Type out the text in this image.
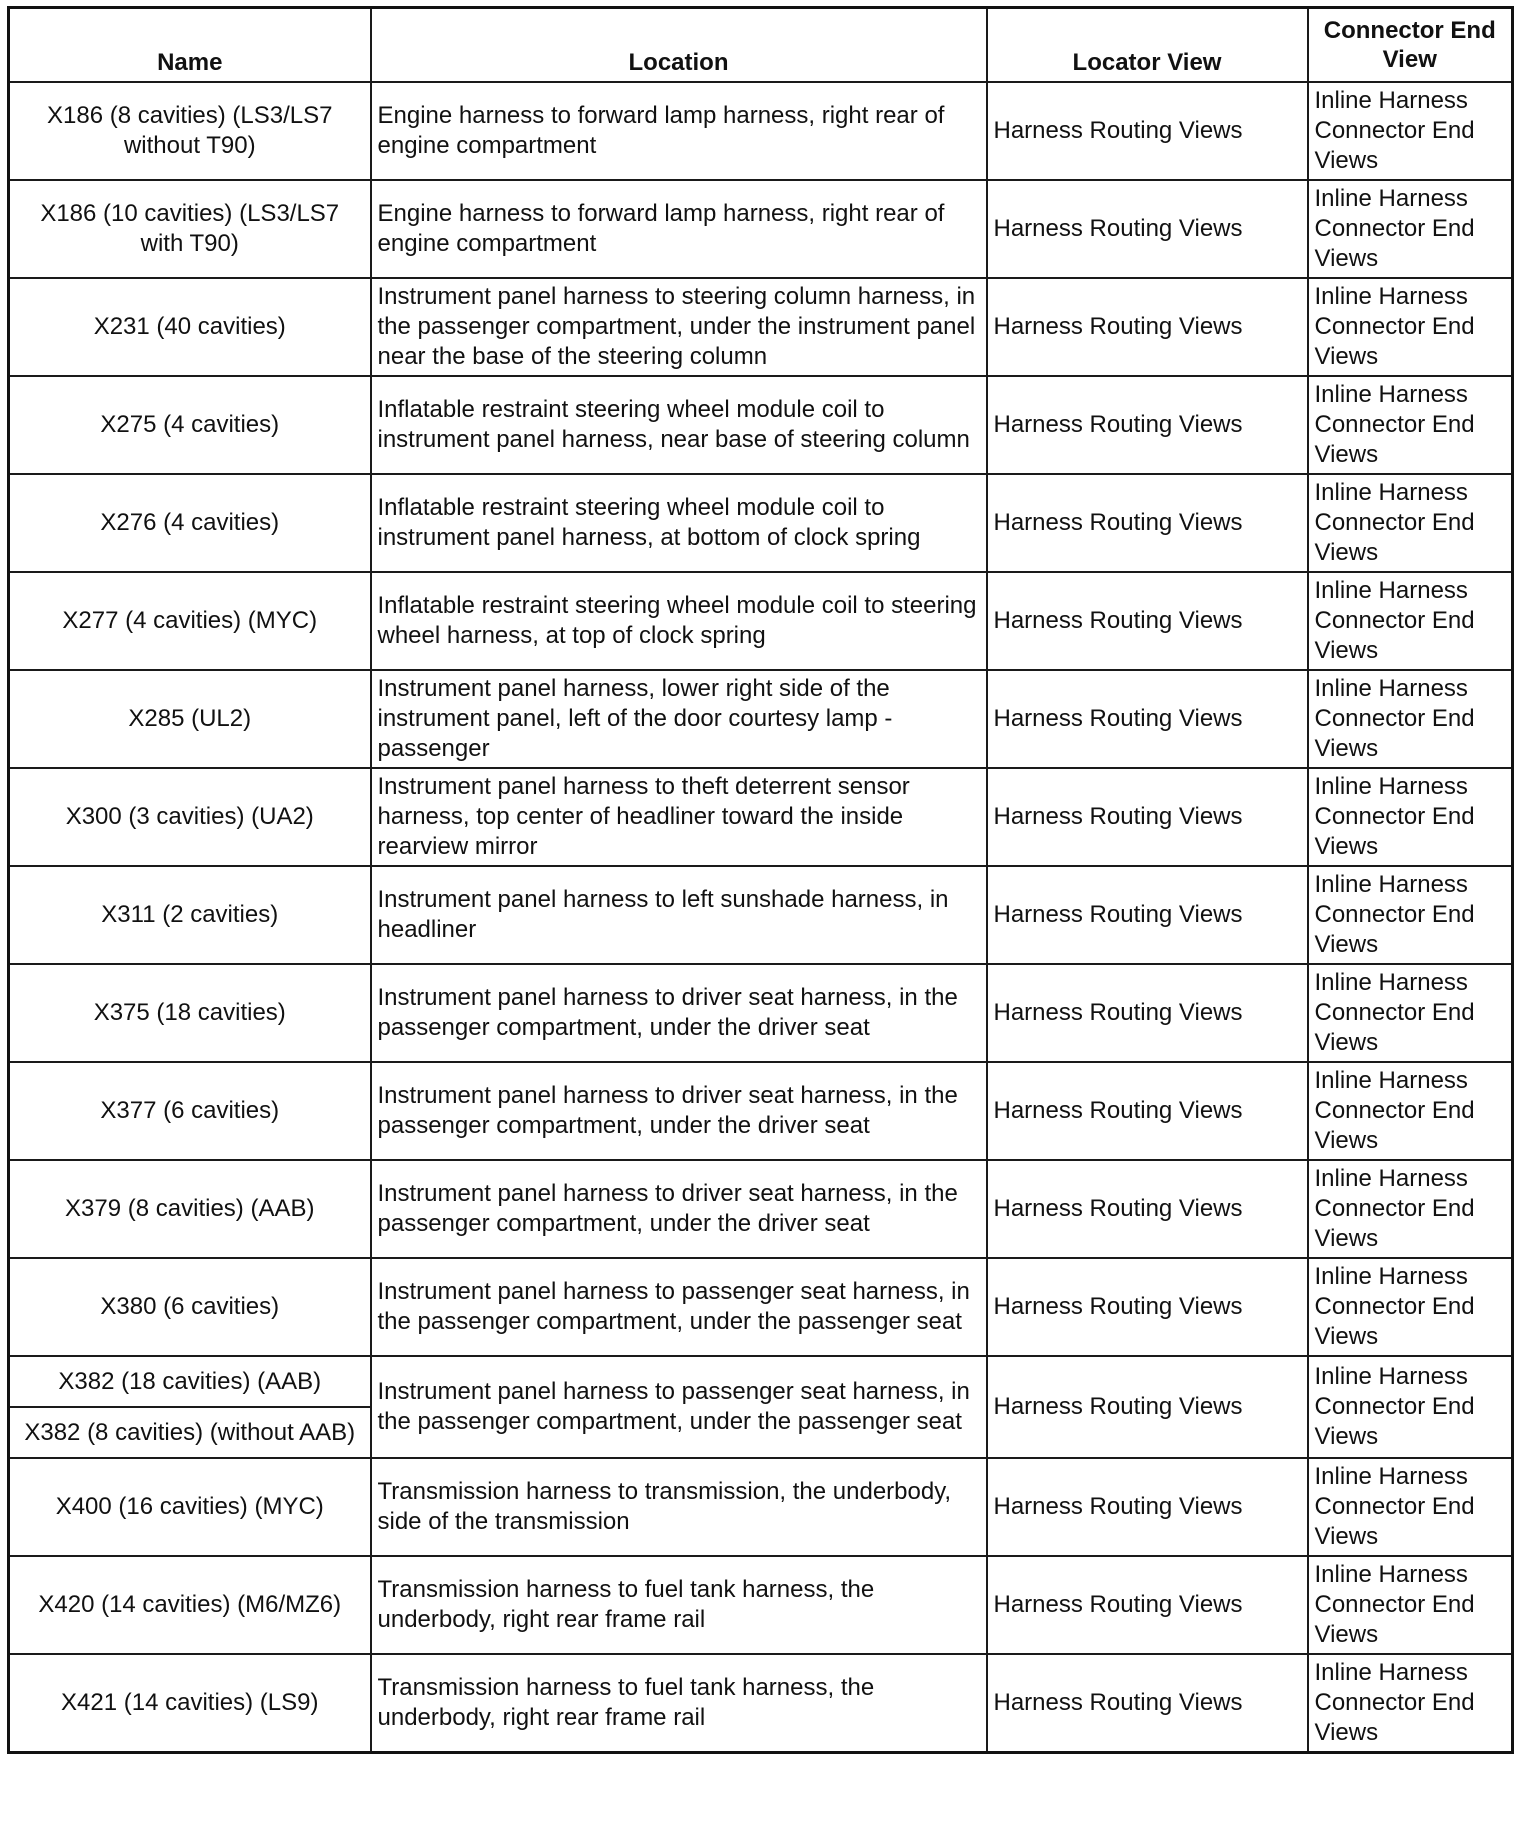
Name	Location	Locator View	Connector End View
X186 (8 cavities) (LS3/LS7 without T90)	Engine harness to forward lamp harness, right rear of engine compartment	Harness Routing Views	Inline Harness Connector End Views
X186 (10 cavities) (LS3/LS7 with T90)	Engine harness to forward lamp harness, right rear of engine compartment	Harness Routing Views	Inline Harness Connector End Views
X231 (40 cavities)	Instrument panel harness to steering column harness, in the passenger compartment, under the instrument panel near the base of the steering column	Harness Routing Views	Inline Harness Connector End Views
X275 (4 cavities)	Inflatable restraint steering wheel module coil to instrument panel harness, near base of steering column	Harness Routing Views	Inline Harness Connector End Views
X276 (4 cavities)	Inflatable restraint steering wheel module coil to instrument panel harness, at bottom of clock spring	Harness Routing Views	Inline Harness Connector End Views
X277 (4 cavities) (MYC)	Inflatable restraint steering wheel module coil to steering wheel harness, at top of clock spring	Harness Routing Views	Inline Harness Connector End Views
X285 (UL2)	Instrument panel harness, lower right side of the instrument panel, left of the door courtesy lamp - passenger	Harness Routing Views	Inline Harness Connector End Views
X300 (3 cavities) (UA2)	Instrument panel harness to theft deterrent sensor harness, top center of headliner toward the inside rearview mirror	Harness Routing Views	Inline Harness Connector End Views
X311 (2 cavities)	Instrument panel harness to left sunshade harness, in headliner	Harness Routing Views	Inline Harness Connector End Views
X375 (18 cavities)	Instrument panel harness to driver seat harness, in the passenger compartment, under the driver seat	Harness Routing Views	Inline Harness Connector End Views
X377 (6 cavities)	Instrument panel harness to driver seat harness, in the passenger compartment, under the driver seat	Harness Routing Views	Inline Harness Connector End Views
X379 (8 cavities) (AAB)	Instrument panel harness to driver seat harness, in the passenger compartment, under the driver seat	Harness Routing Views	Inline Harness Connector End Views
X380 (6 cavities)	Instrument panel harness to passenger seat harness, in the passenger compartment, under the passenger seat	Harness Routing Views	Inline Harness Connector End Views
X382 (18 cavities) (AAB)	Instrument panel harness to passenger seat harness, in the passenger compartment, under the passenger seat	Harness Routing Views	Inline Harness Connector End Views
X382 (8 cavities) (without AAB)			
X400 (16 cavities) (MYC)	Transmission harness to transmission, the underbody, side of the transmission	Harness Routing Views	Inline Harness Connector End Views
X420 (14 cavities) (M6/MZ6)	Transmission harness to fuel tank harness, the underbody, right rear frame rail	Harness Routing Views	Inline Harness Connector End Views
X421 (14 cavities) (LS9)	Transmission harness to fuel tank harness, the underbody, right rear frame rail	Harness Routing Views	Inline Harness Connector End Views
